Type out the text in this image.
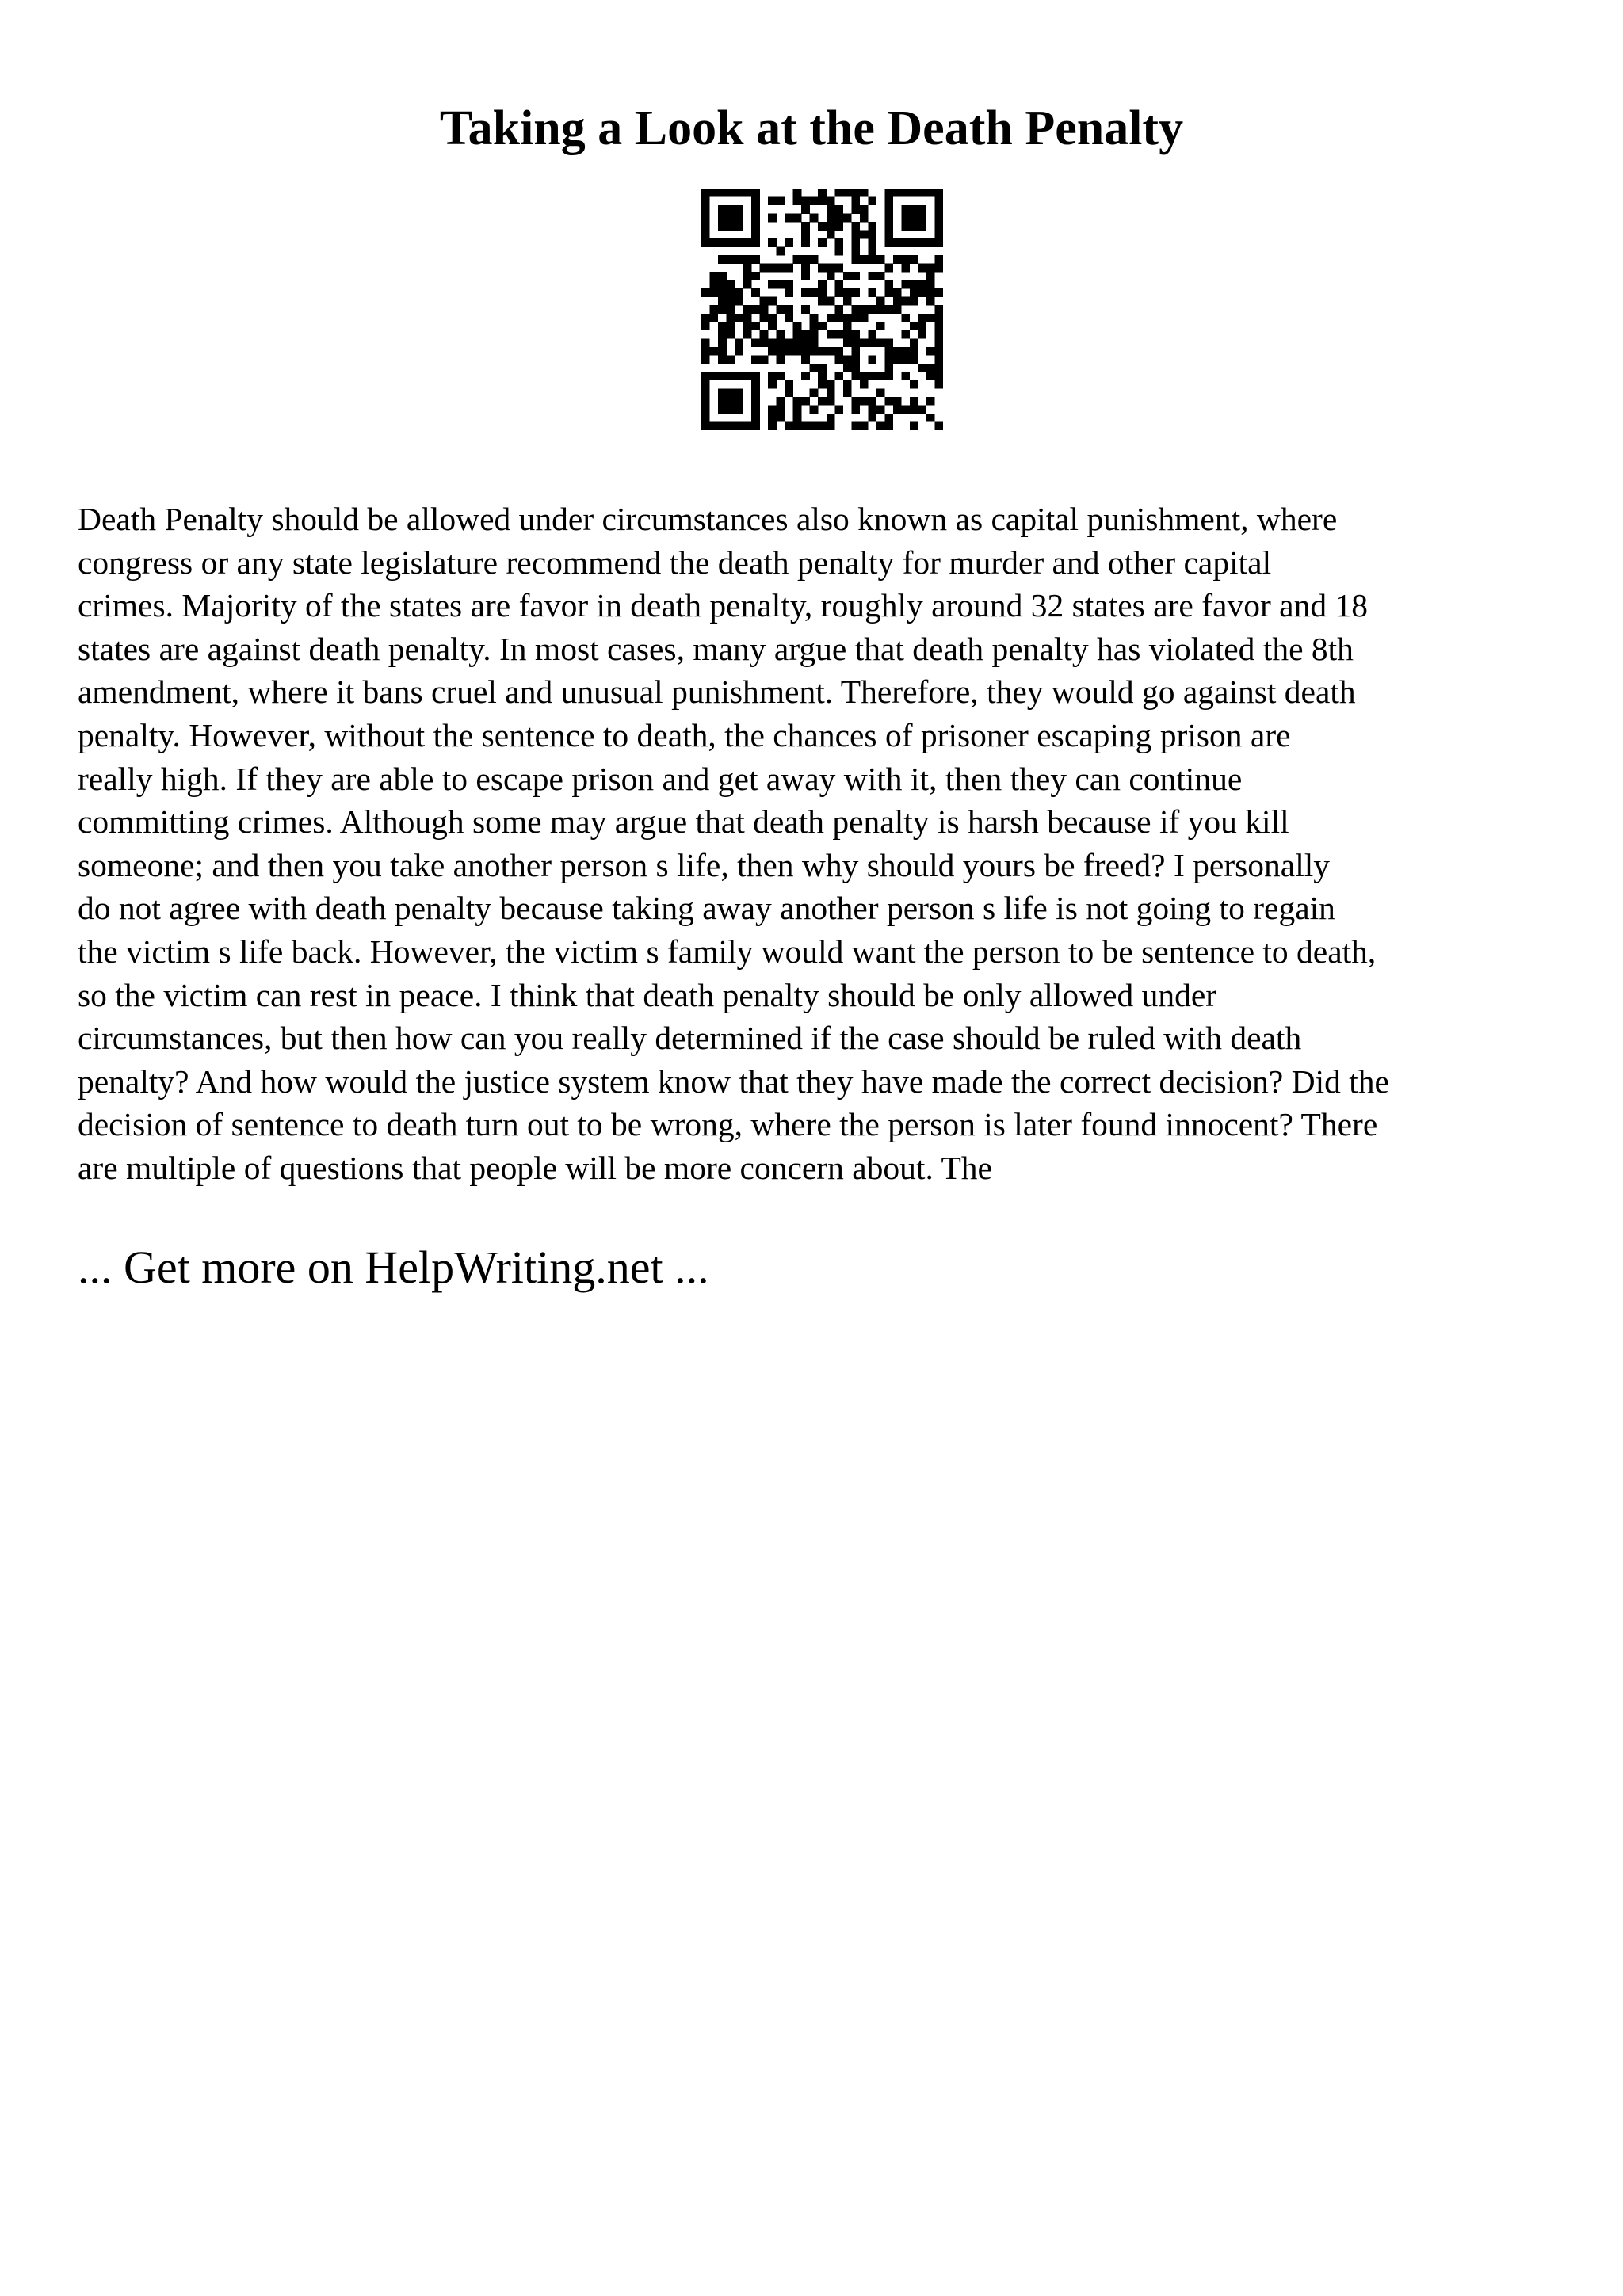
Taking a Look at the Death Penalty

Death Penalty should be allowed under circumstances also known as capital punishment, where
congress or any state legislature recommend the death penalty for murder and other capital
crimes. Majority of the states are favor in death penalty, roughly around 32 states are favor and 18
states are against death penalty. In most cases, many argue that death penalty has violated the 8th
amendment, where it bans cruel and unusual punishment. Therefore, they would go against death
penalty. However, without the sentence to death, the chances of prisoner escaping prison are
really high. If they are able to escape prison and get away with it, then they can continue
committing crimes. Although some may argue that death penalty is harsh because if you kill
someone; and then you take another person s life, then why should yours be freed? I personally
do not agree with death penalty because taking away another person s life is not going to regain
the victim s life back. However, the victim s family would want the person to be sentence to death,
so the victim can rest in peace. I think that death penalty should be only allowed under
circumstances, but then how can you really determined if the case should be ruled with death
penalty? And how would the justice system know that they have made the correct decision? Did the
decision of sentence to death turn out to be wrong, where the person is later found innocent? There
are multiple of questions that people will be more concern about. The

... Get more on HelpWriting.net ...
